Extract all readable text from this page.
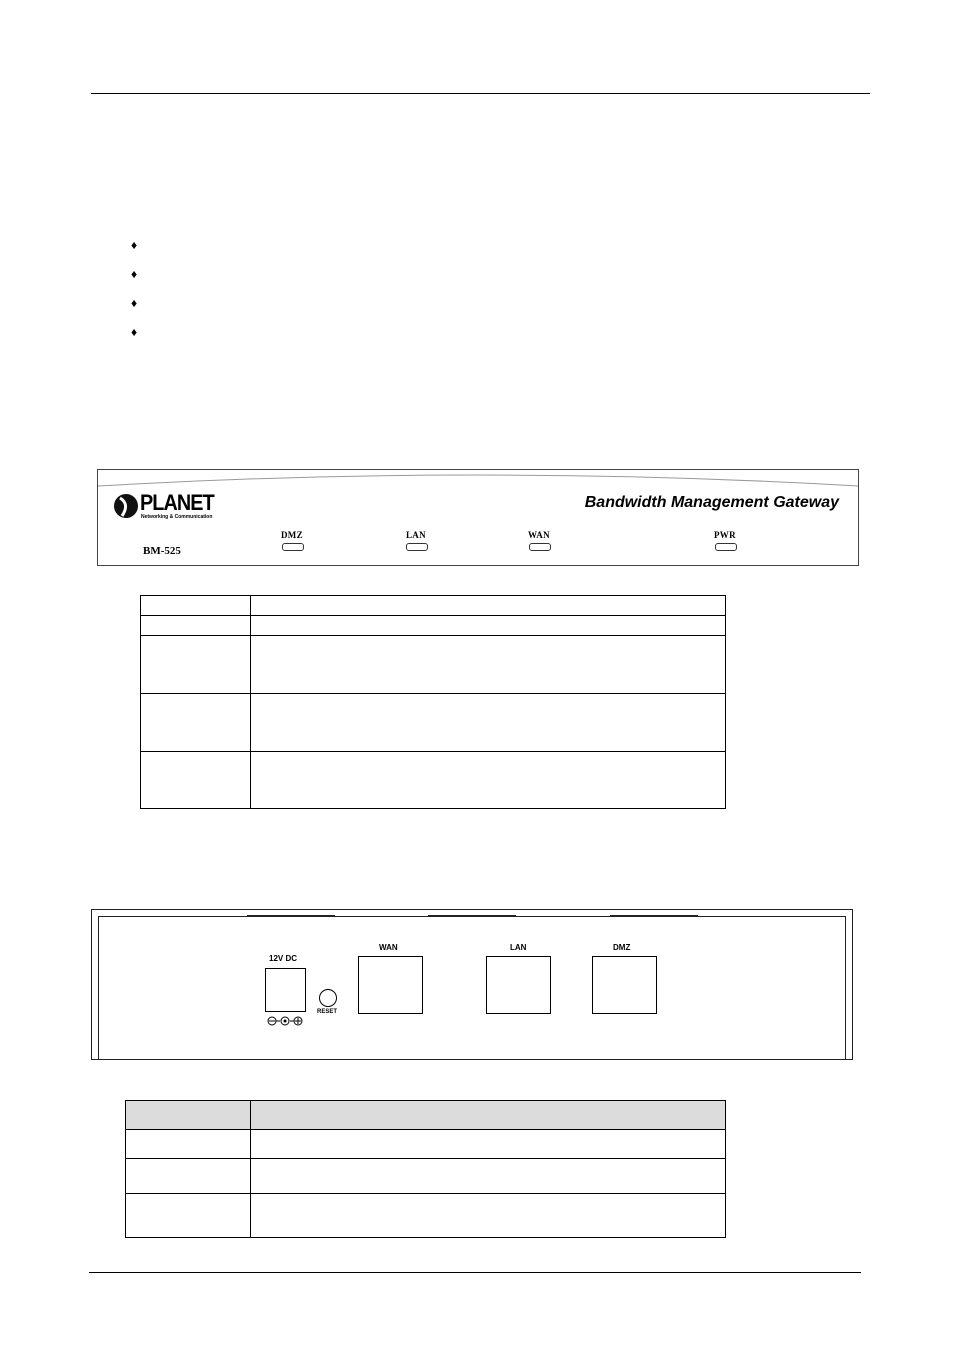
♦
♦
♦
♦
PLANET
Networking & Communication
Bandwidth Management Gateway
BM-525
DMZ	LAN	WAN	PWR

12V DC
RESET
WAN	LAN	DMZ
